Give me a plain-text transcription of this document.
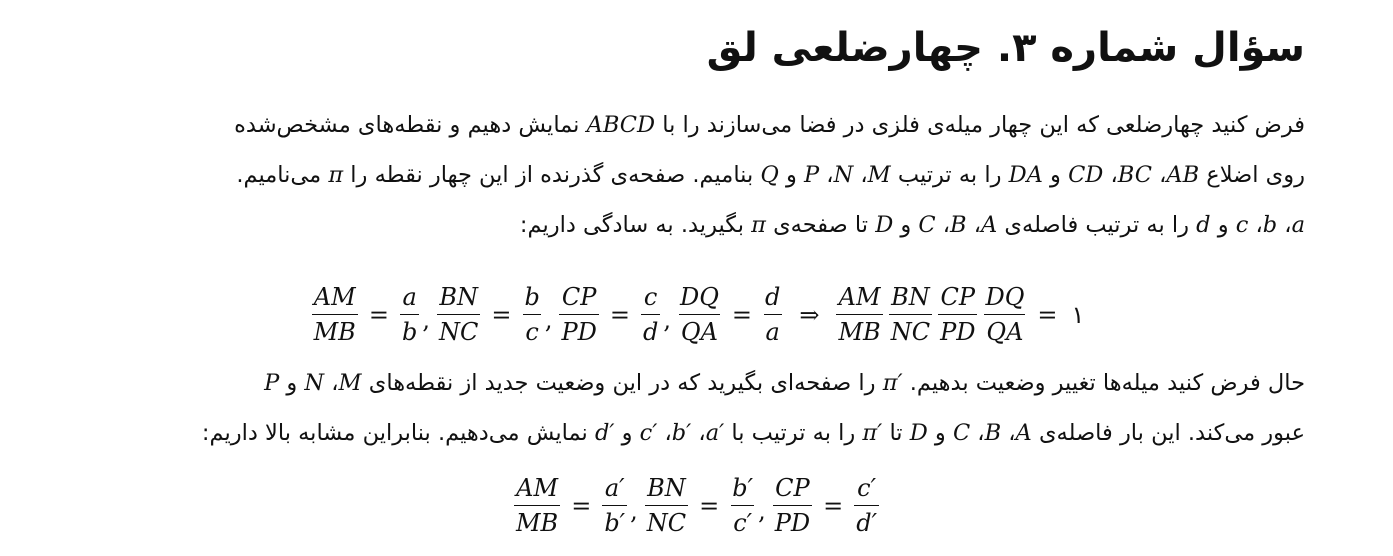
سؤال شماره ۳. چهارضلعی لق

فرض کنید چهارضلعی که این چهار میله‌ی فلزی در فضا می‌سازند را با ABCD نمایش دهیم و نقطه‌های مشخص‌شده

روی اضلاع AB، BC، CD و DA را به ترتیب M، N، P و Q بنامیم. صفحه‌ی گذرنده از این چهار نقطه را π می‌نامیم.

a، b، c و d را به ترتیب فاصله‌ی A، B، C و D تا صفحه‌ی π بگیرید. به سادگی داریم:

$\frac{AM}{MB} = \frac{a}{b}$ , $\frac{BN}{NC} = \frac{b}{c}$ , $\frac{CP}{PD} = \frac{c}{d}$ , $\frac{DQ}{QA} = \frac{d}{a}$ ⇒ $\frac{AM}{MB} \frac{BN}{NC} \frac{CP}{PD} \frac{DQ}{QA}$ = ۱

حال فرض کنید میله‌ها تغییر وضعیت بدهیم. π′ را صفحه‌ای بگیرید که در این وضعیت جدید از نقطه‌های M، N و P

عبور می‌کند. این بار فاصله‌ی A، B، C و D تا π′ را به ترتیب با a′، b′، c′ و d′ نمایش می‌دهیم. بنابراین مشابه بالا داریم:

$\frac{AM}{MB} = \frac{a'}{b'}$ , $\frac{BN}{NC} = \frac{b'}{c'}$ , $\frac{CP}{PD} = \frac{c'}{d'}$
